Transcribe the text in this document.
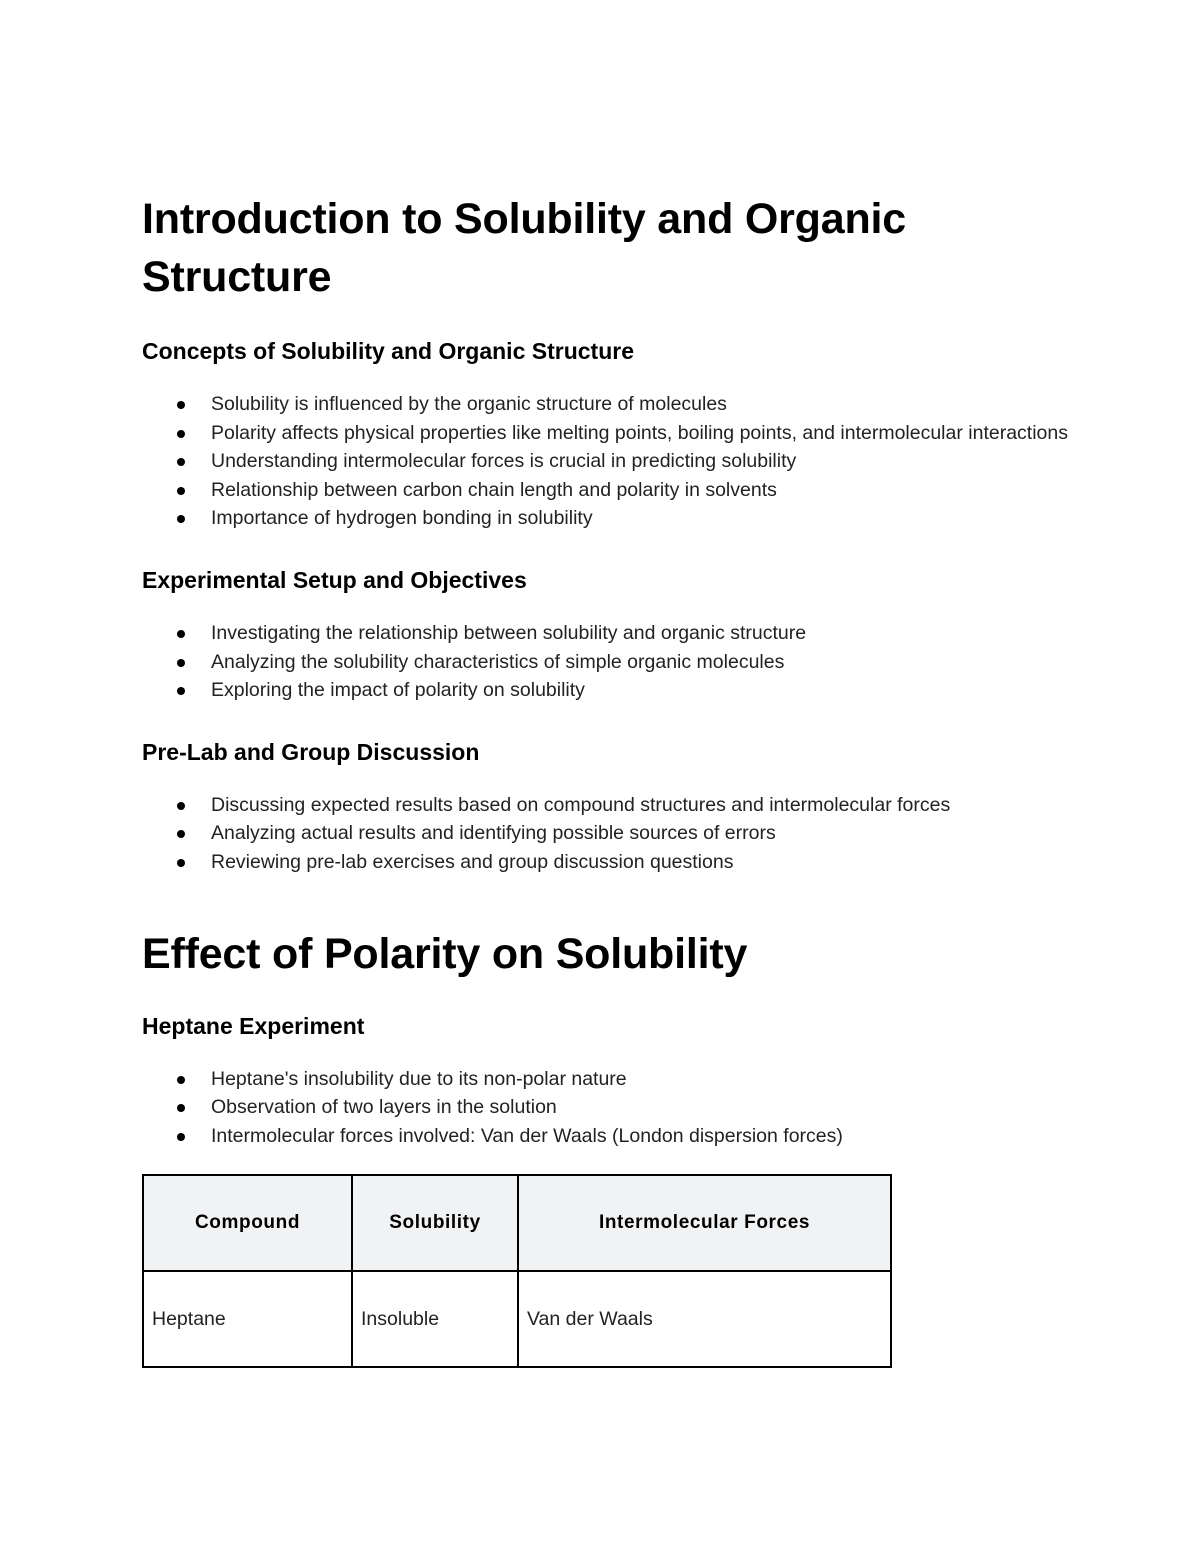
Introduction to Solubility and Organic Structure
Concepts of Solubility and Organic Structure
Solubility is influenced by the organic structure of molecules
Polarity affects physical properties like melting points, boiling points, and intermolecular interactions
Understanding intermolecular forces is crucial in predicting solubility
Relationship between carbon chain length and polarity in solvents
Importance of hydrogen bonding in solubility
Experimental Setup and Objectives
Investigating the relationship between solubility and organic structure
Analyzing the solubility characteristics of simple organic molecules
Exploring the impact of polarity on solubility
Pre-Lab and Group Discussion
Discussing expected results based on compound structures and intermolecular forces
Analyzing actual results and identifying possible sources of errors
Reviewing pre-lab exercises and group discussion questions
Effect of Polarity on Solubility
Heptane Experiment
Heptane's insolubility due to its non-polar nature
Observation of two layers in the solution
Intermolecular forces involved: Van der Waals (London dispersion forces)
Compound	Solubility	Intermolecular Forces
Heptane	Insoluble	Van der Waals
